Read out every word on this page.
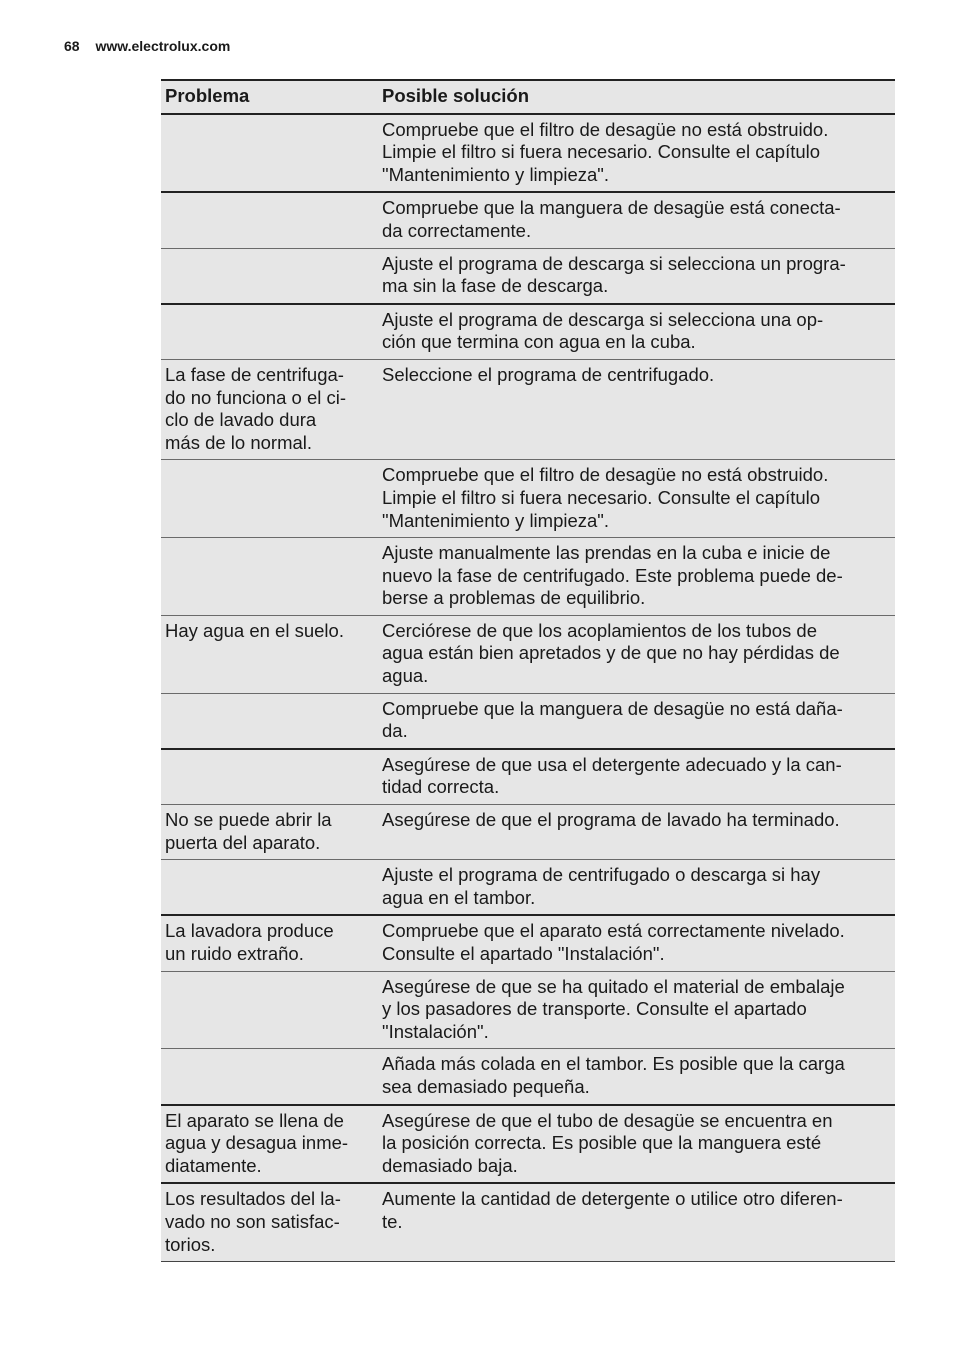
68 www.electrolux.com
Problema	Posible solución
	Compruebe que el filtro de desagüe no está obstruido.
Limpie el filtro si fuera necesario. Consulte el capítulo
"Mantenimiento y limpieza".
	Compruebe que la manguera de desagüe está conecta-
da correctamente.
	Ajuste el programa de descarga si selecciona un progra-
ma sin la fase de descarga.
	Ajuste el programa de descarga si selecciona una op-
ción que termina con agua en la cuba.
La fase de centrifuga-
do no funciona o el ci-
clo de lavado dura
más de lo normal.	Seleccione el programa de centrifugado.
	Compruebe que el filtro de desagüe no está obstruido.
Limpie el filtro si fuera necesario. Consulte el capítulo
"Mantenimiento y limpieza".
	Ajuste manualmente las prendas en la cuba e inicie de
nuevo la fase de centrifugado. Este problema puede de-
berse a problemas de equilibrio.
Hay agua en el suelo.	Cerciórese de que los acoplamientos de los tubos de
agua están bien apretados y de que no hay pérdidas de
agua.
	Compruebe que la manguera de desagüe no está daña-
da.
	Asegúrese de que usa el detergente adecuado y la can-
tidad correcta.
No se puede abrir la
puerta del aparato.	Asegúrese de que el programa de lavado ha terminado.
	Ajuste el programa de centrifugado o descarga si hay
agua en el tambor.
La lavadora produce
un ruido extraño.	Compruebe que el aparato está correctamente nivelado.
Consulte el apartado "Instalación".
	Asegúrese de que se ha quitado el material de embalaje
y los pasadores de transporte. Consulte el apartado
"Instalación".
	Añada más colada en el tambor. Es posible que la carga
sea demasiado pequeña.
El aparato se llena de
agua y desagua inme-
diatamente.	Asegúrese de que el tubo de desagüe se encuentra en
la posición correcta. Es posible que la manguera esté
demasiado baja.
Los resultados del la-
vado no son satisfac-
torios.	Aumente la cantidad de detergente o utilice otro diferen-
te.
